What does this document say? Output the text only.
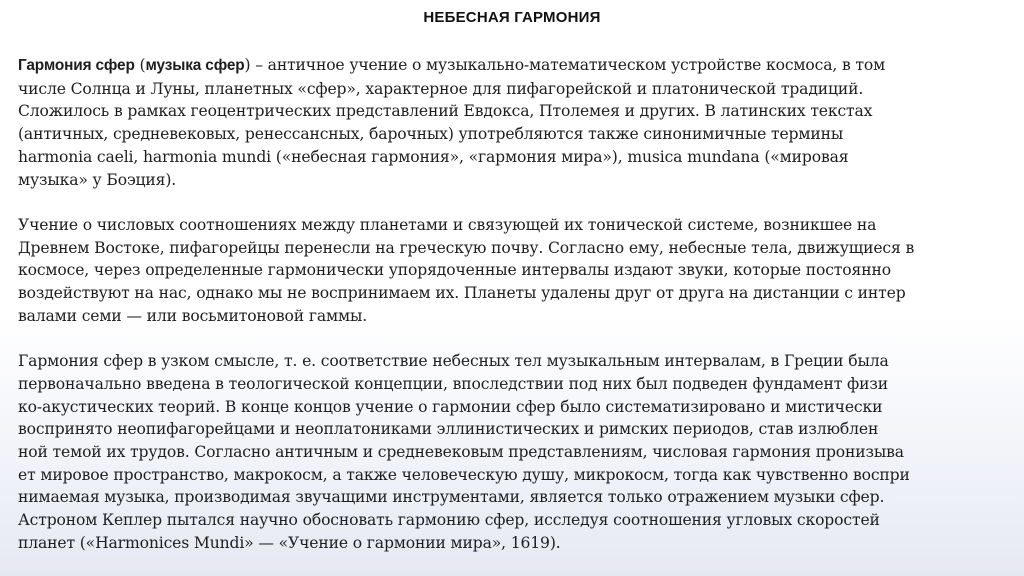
НЕБЕСНАЯ ГАРМОНИЯ

Гармония сфер (музыка сфер) – античное учение о музыкально-математическом устройстве космоса, в том
числе Солнца и Луны, планетных «сфер», характерное для пифагорейской и платонической традиций.
Сложилось в рамках геоцентрических представлений Евдокса, Птолемея и других. В латинских текстах
(античных, средневековых, ренессансных, барочных) употребляются также синонимичные термины
harmonia caeli, harmonia mundi («небесная гармония», «гармония мира»), musica mundana («мировая
музыка» у Боэция).

Учение о числовых соотношениях между планетами и связующей их тонической системе, возникшее на
Древнем Востоке, пифагорейцы перенесли на греческую почву. Согласно ему, небесные тела, движущиеся в
космосе, через определенные гармонически упорядоченные интервалы издают звуки, которые постоянно
воздействуют на нас, однако мы не воспринимаем их. Планеты удалены друг от друга на дистанции с интер
валами семи — или восьмитоновой гаммы.

Гармония сфер в узком смысле, т. е. соответствие небесных тел музыкальным интервалам, в Греции была
первоначально введена в теологической концепции, впоследствии под них был подведен фундамент физи
ко-акустических теорий. В конце концов учение о гармонии сфер было систематизировано и мистически
воспринято неопифагорейцами и неоплатониками эллинистических и римских периодов, став излюблен
ной темой их трудов. Согласно античным и средневековым представлениям, числовая гармония пронизыва
ет мировое пространство, макрокосм, а также человеческую душу, микрокосм, тогда как чувственно воспри
нимаемая музыка, производимая звучащими инструментами, является только отражением музыки сфер.
Астроном Кеплер пытался научно обосновать гармонию сфер, исследуя соотношения угловых скоростей
планет («Harmonices Mundi» — «Учение о гармонии мира», 1619).
